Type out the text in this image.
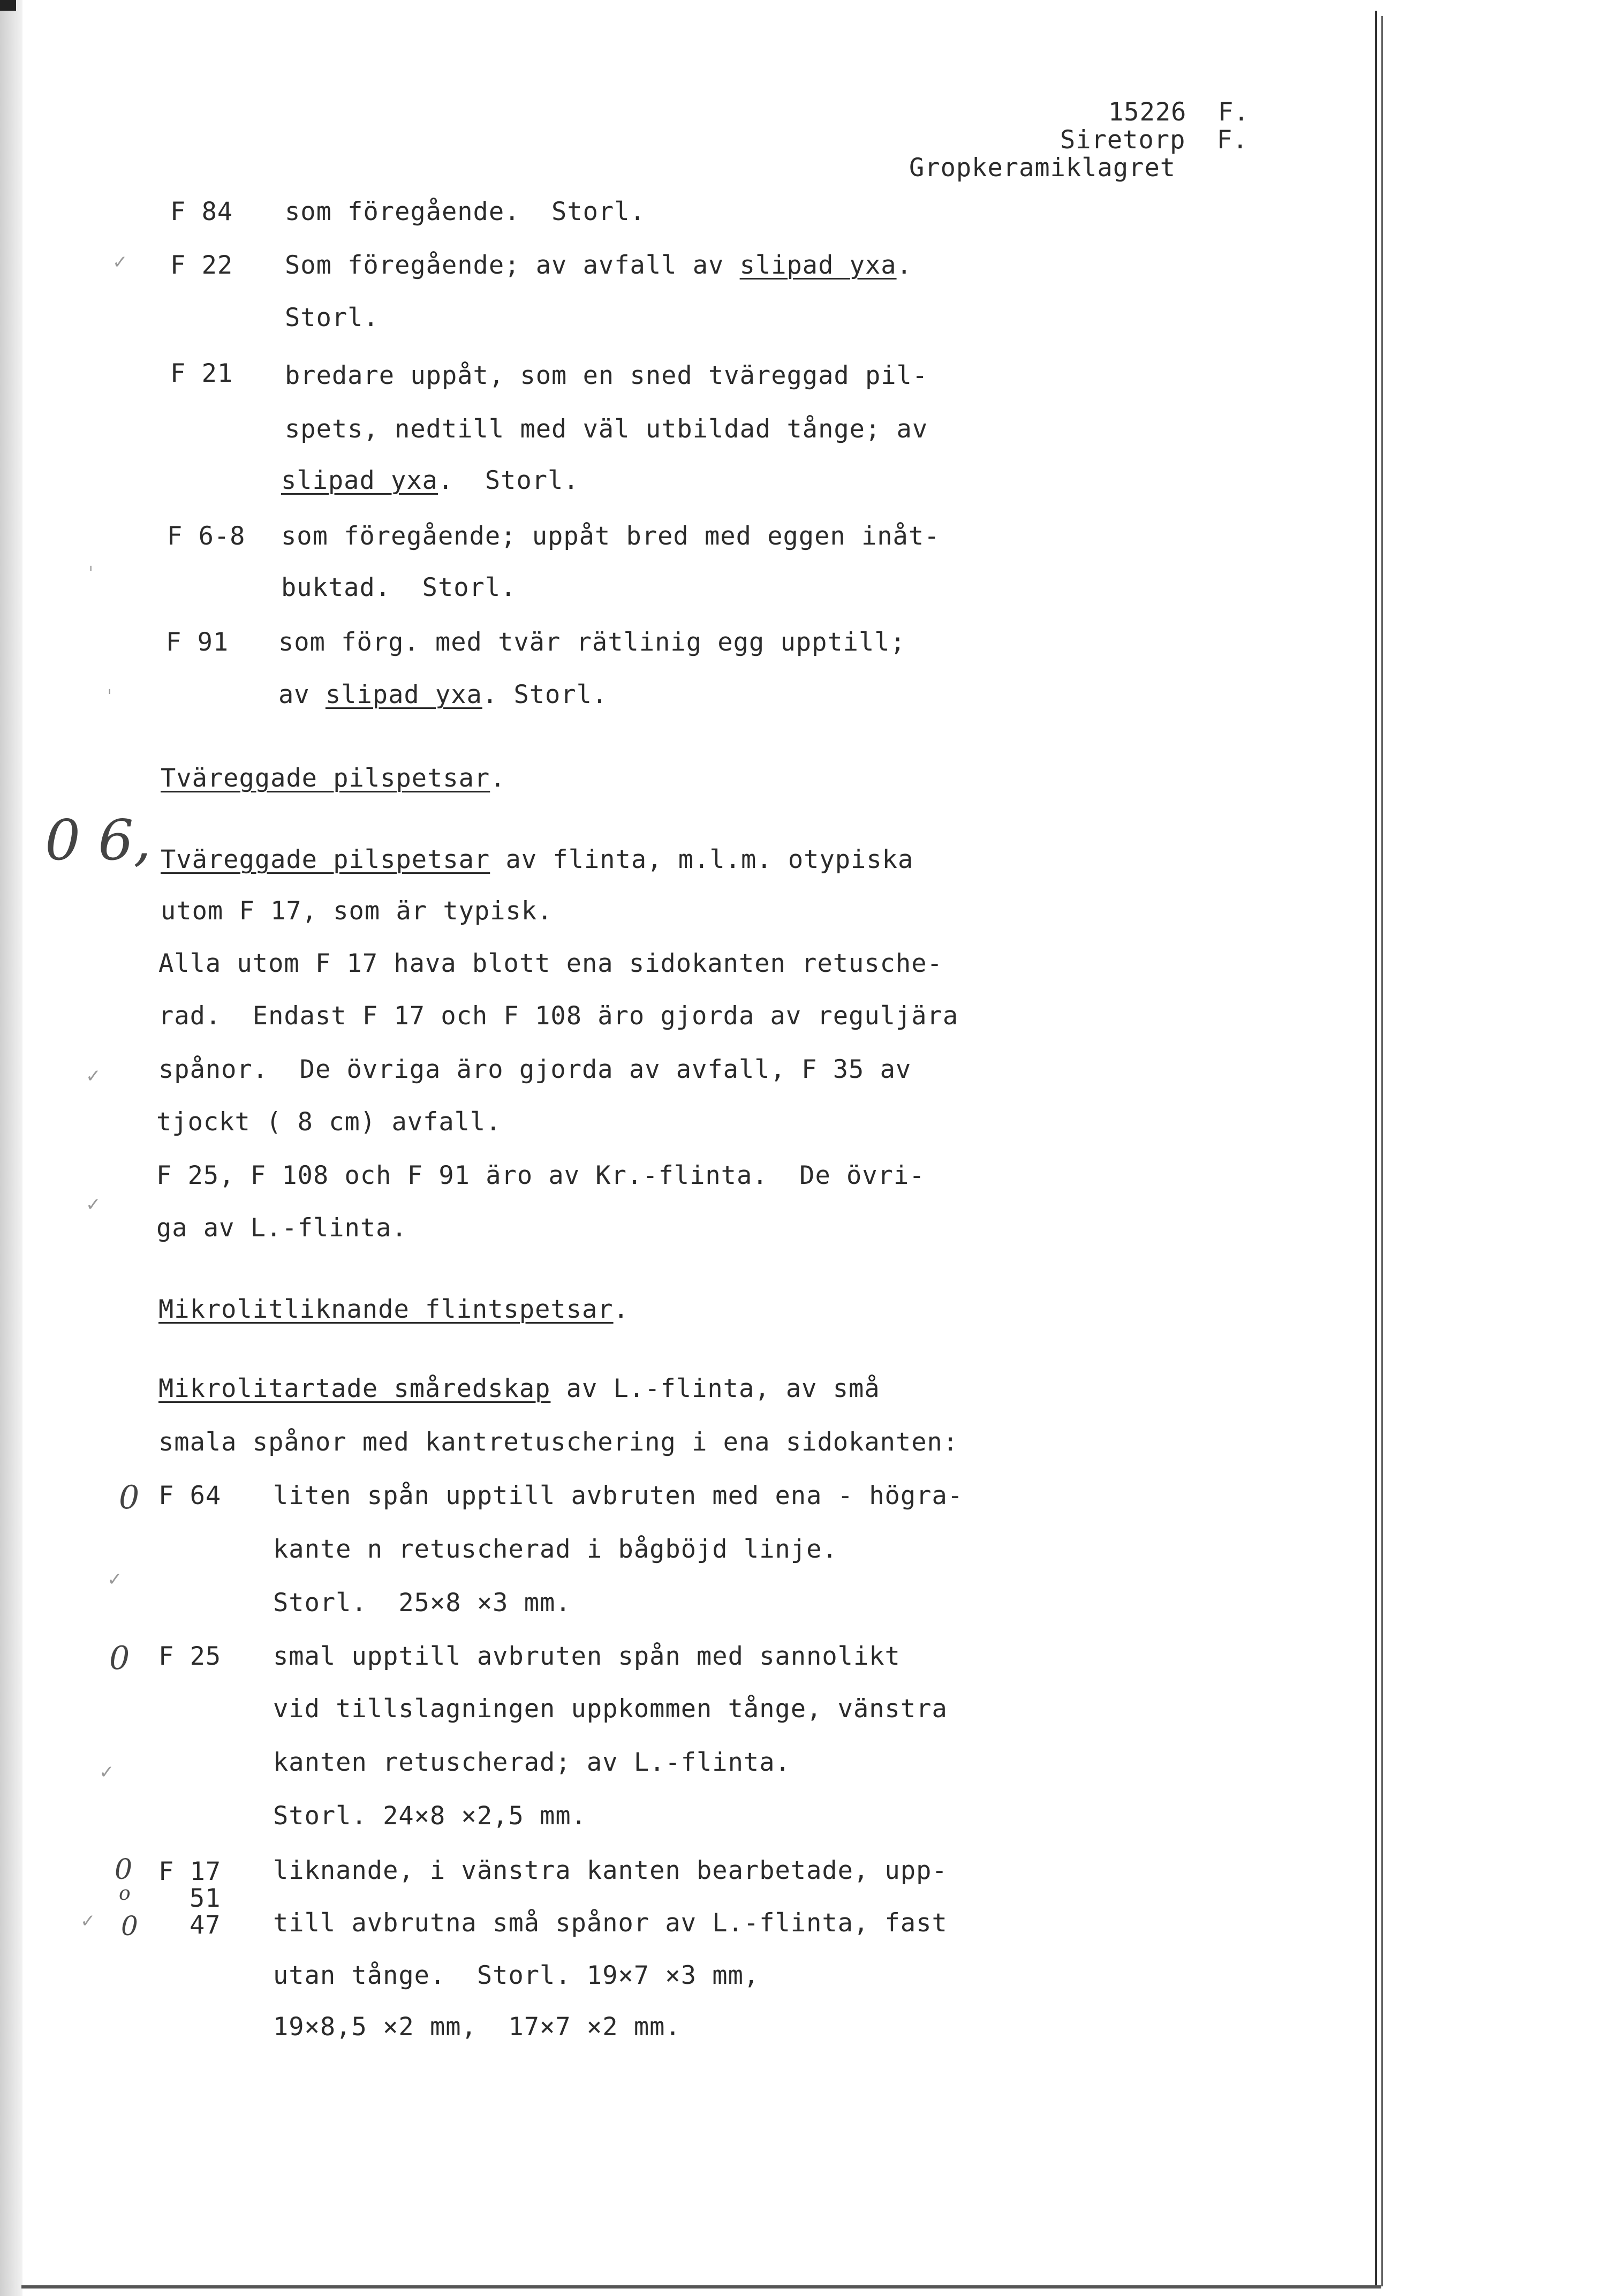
15226  F.
Siretorp  F.
Gropkeramiklagret
F 84 som föregående.  Storl.
F 22 Som föregående; av avfall av slipad yxa.
Storl.
F 21 bredare uppåt, som en sned tväreggad pil-
spets, nedtill med väl utbildad tånge; av
slipad yxa.  Storl.
F 6-8 som föregående; uppåt bred med eggen inåt-
buktad.  Storl.
F 91 som förg. med tvär rätlinig egg upptill;
av slipad yxa. Storl.
Tväreggade pilspetsar.
0 6, Tväreggade pilspetsar av flinta, m.l.m. otypiska
utom F 17, som är typisk.
Alla utom F 17 hava blott ena sidokanten retusche-
rad.  Endast F 17 och F 108 äro gjorda av reguljära
spånor.  De övriga äro gjorda av avfall, F 35 av
tjockt ( 8 cm) avfall.
F 25, F 108 och F 91 äro av Kr.-flinta.  De övri-
ga av L.-flinta.
Mikrolitliknande flintspetsar.
Mikrolitartade småredskap av L.-flinta, av små
smala spånor med kantretuschering i ena sidokanten:
0 F 64 liten spån upptill avbruten med ena - högra-
kante n retuscherad i bågböjd linje.
Storl.  25×8 ×3 mm.
0 F 25 smal upptill avbruten spån med sannolikt
vid tillslagningen uppkommen tånge, vänstra
kanten retuscherad; av L.-flinta.
Storl. 24×8 ×2,5 mm.
0
o
0
F 17
51
47
liknande, i vänstra kanten bearbetade, upp-
till avbrutna små spånor av L.-flinta, fast
utan tånge.  Storl. 19×7 ×3 mm,
19×8,5 ×2 mm,  17×7 ×2 mm.
✓
ˌ
ˌ
✓
✓
✓
✓
✓
